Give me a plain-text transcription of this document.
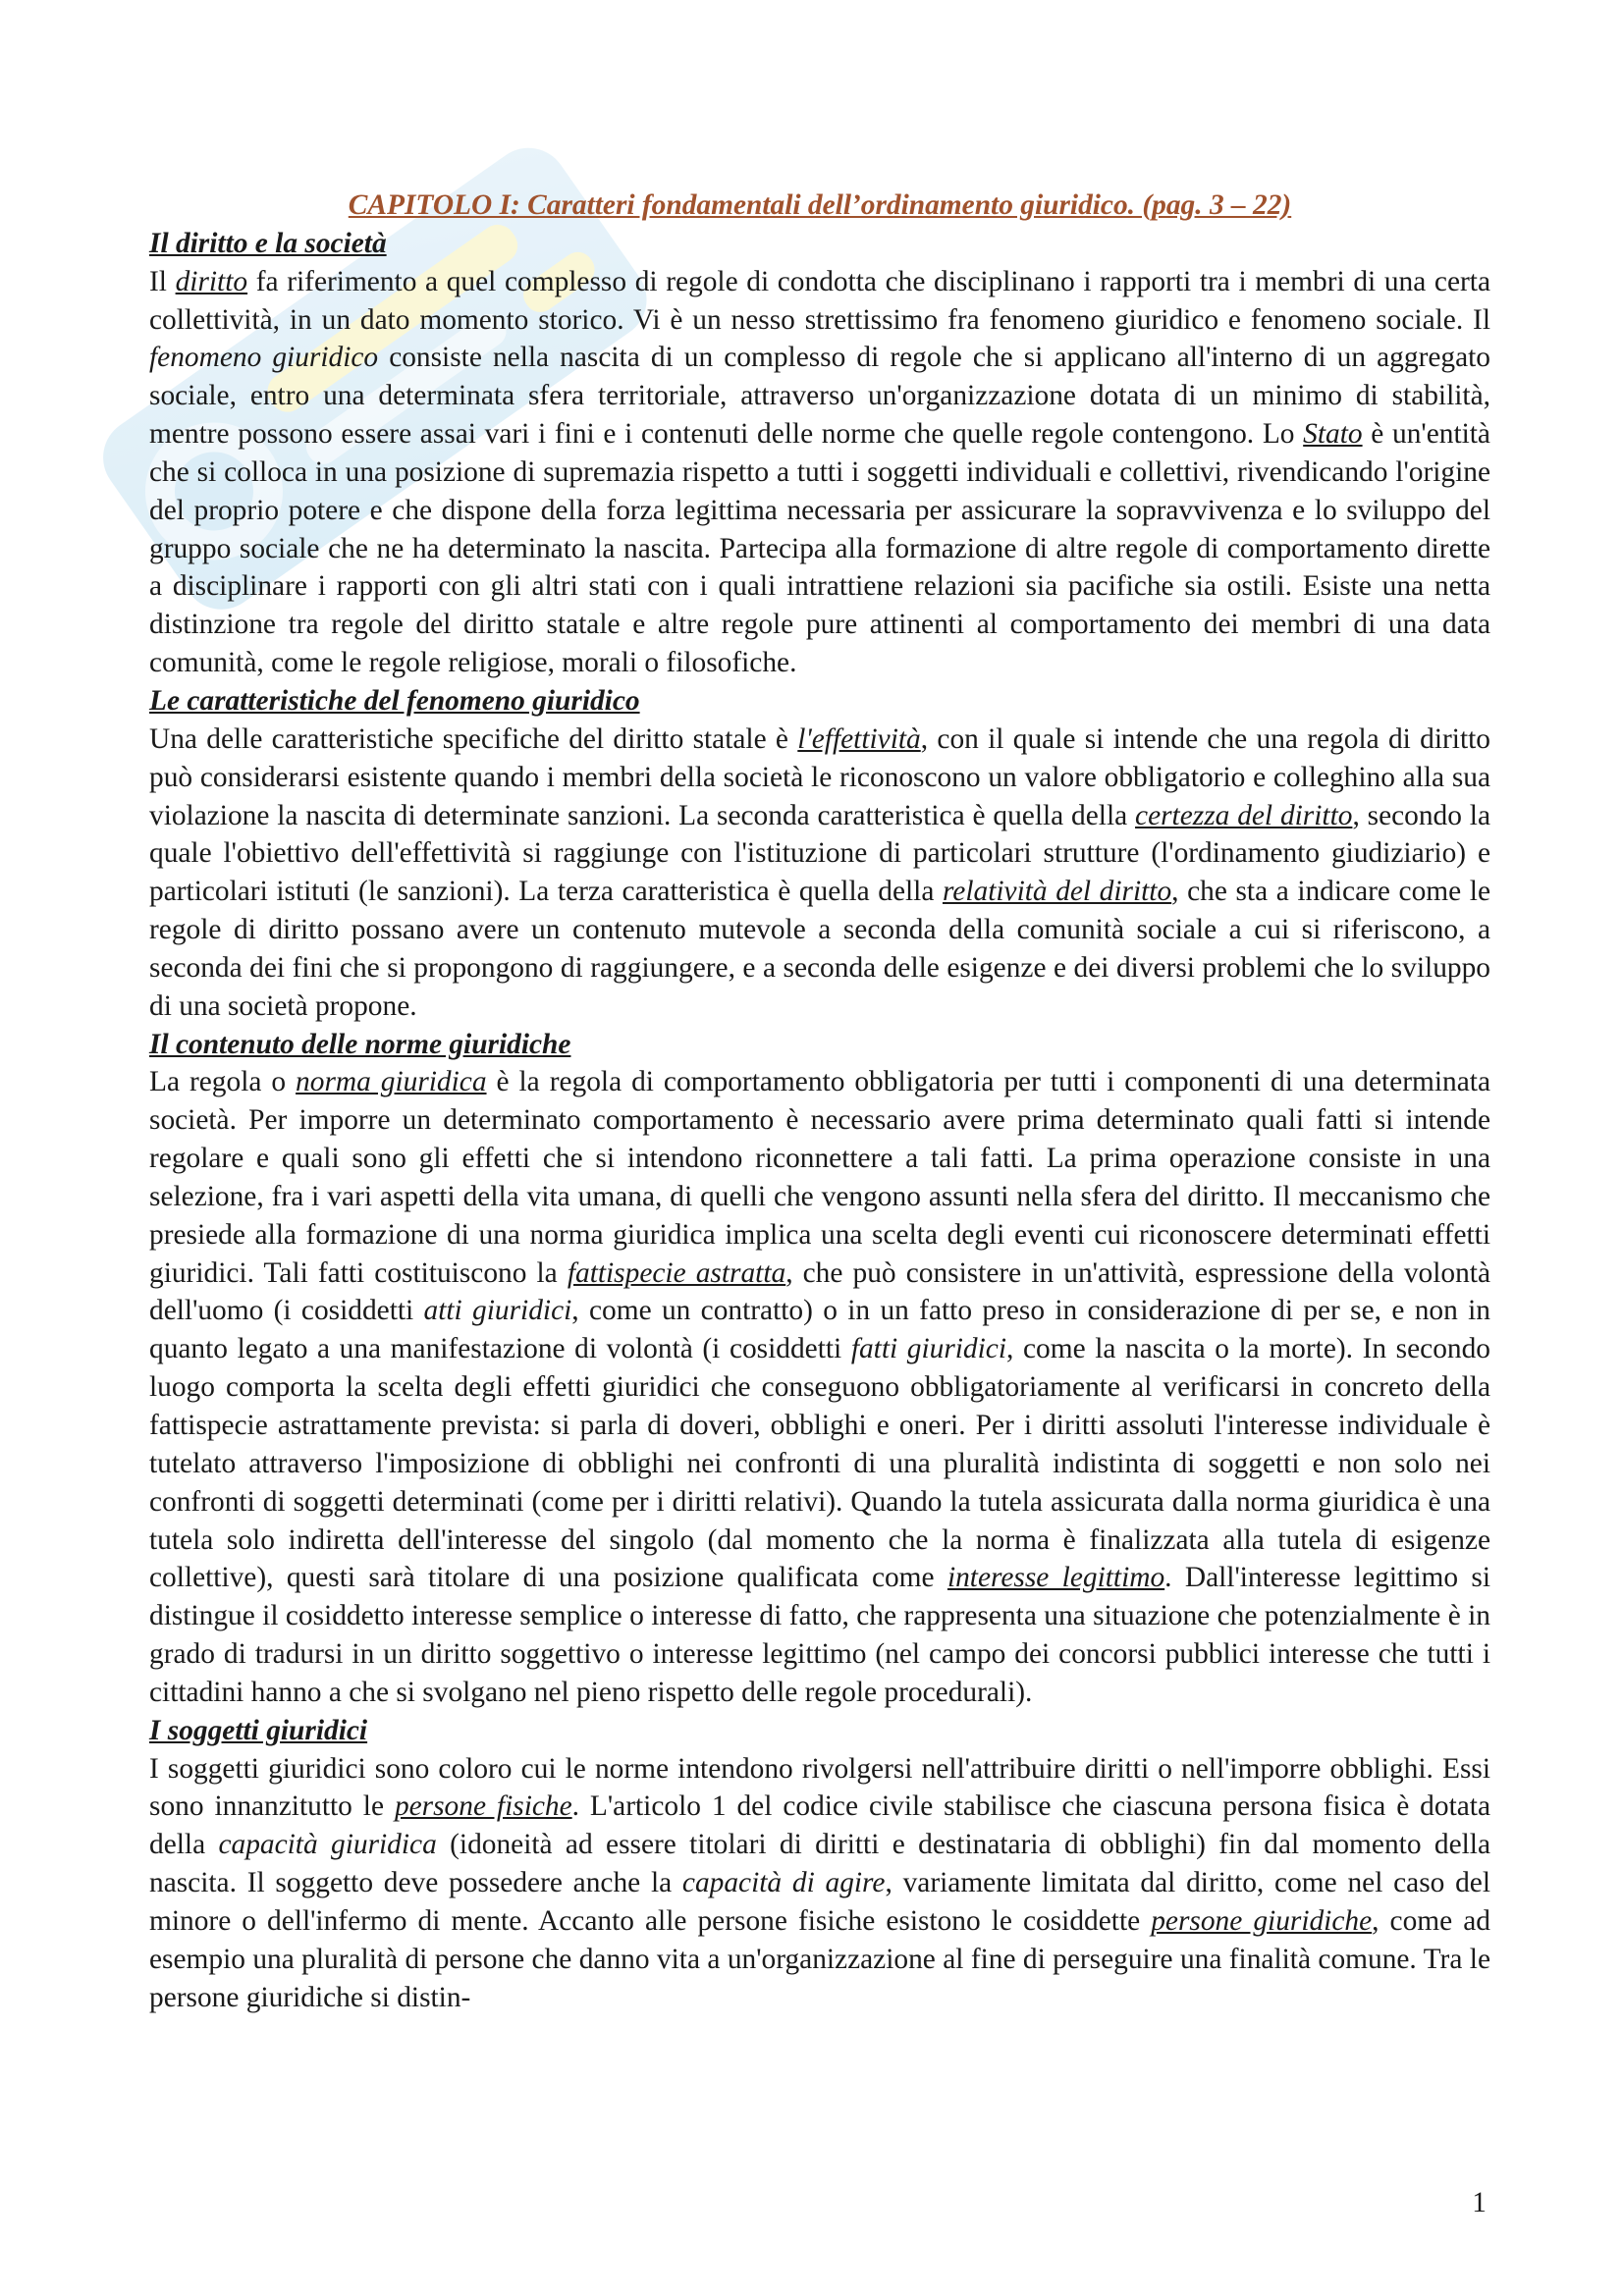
CAPITOLO I: Caratteri fondamentali dell’ordinamento giuridico. (pag. 3 – 22)

Il diritto e la società

Il diritto fa riferimento a quel complesso di regole di condotta che disciplinano i rapporti tra i membri di una certa collettività, in un dato momento storico. Vi è un nesso strettissimo fra fenomeno giuridico e fenomeno sociale. Il fenomeno giuridico consiste nella nascita di un complesso di regole che si applicano all'interno di un aggregato sociale, entro una determinata sfera territoriale, attraverso un'organizzazione dotata di un minimo di stabilità, mentre possono essere assai vari i fini e i contenuti delle norme che quelle regole contengono. Lo Stato è un'entità che si colloca in una posizione di supremazia rispetto a tutti i soggetti individuali e collettivi, rivendicando l'origine del proprio potere e che dispone della forza legittima necessaria per assicurare la sopravvivenza e lo sviluppo del gruppo sociale che ne ha determinato la nascita. Partecipa alla formazione di altre regole di comportamento dirette a disciplinare i rapporti con gli altri stati con i quali intrattiene relazioni sia pacifiche sia ostili. Esiste una netta distinzione tra regole del diritto statale e altre regole pure attinenti al comportamento dei membri di una data comunità, come le regole religiose, morali o filosofiche.

Le caratteristiche del fenomeno giuridico

Una delle caratteristiche specifiche del diritto statale è l'effettività, con il quale si intende che una regola di diritto può considerarsi esistente quando i membri della società le riconoscono un valore obbligatorio e colleghino alla sua violazione la nascita di determinate sanzioni. La seconda caratteristica è quella della certezza del diritto, secondo la quale l'obiettivo dell'effettività si raggiunge con l'istituzione di particolari strutture (l'ordinamento giudiziario) e particolari istituti (le sanzioni). La terza caratteristica è quella della relatività del diritto, che sta a indicare come le regole di diritto possano avere un contenuto mutevole a seconda della comunità sociale a cui si riferiscono, a seconda dei fini che si propongono di raggiungere, e a seconda delle esigenze e dei diversi problemi che lo sviluppo di una società propone.

Il contenuto delle norme giuridiche

La regola o norma giuridica è la regola di comportamento obbligatoria per tutti i componenti di una determinata società. Per imporre un determinato comportamento è necessario avere prima determinato quali fatti si intende regolare e quali sono gli effetti che si intendono riconnettere a tali fatti. La prima operazione consiste in una selezione, fra i vari aspetti della vita umana, di quelli che vengono assunti nella sfera del diritto. Il meccanismo che presiede alla formazione di una norma giuridica implica una scelta degli eventi cui riconoscere determinati effetti giuridici. Tali fatti costituiscono la fattispecie astratta, che può consistere in un'attività, espressione della volontà dell'uomo (i cosiddetti atti giuridici, come un contratto) o in un fatto preso in considerazione di per se, e non in quanto legato a una manifestazione di volontà (i cosiddetti fatti giuridici, come la nascita o la morte). In secondo luogo comporta la scelta degli effetti giuridici che conseguono obbligatoriamente al verificarsi in concreto della fattispecie astrattamente prevista: si parla di doveri, obblighi e oneri. Per i diritti assoluti l'interesse individuale è tutelato attraverso l'imposizione di obblighi nei confronti di una pluralità indistinta di soggetti e non solo nei confronti di soggetti determinati (come per i diritti relativi). Quando la tutela assicurata dalla norma giuridica è una tutela solo indiretta dell'interesse del singolo (dal momento che la norma è finalizzata alla tutela di esigenze collettive), questi sarà titolare di una posizione qualificata come interesse legittimo. Dall'interesse legittimo si distingue il cosiddetto interesse semplice o interesse di fatto, che rappresenta una situazione che potenzialmente è in grado di tradursi in un diritto soggettivo o interesse legittimo (nel campo dei concorsi pubblici interesse che tutti i cittadini hanno a che si svolgano nel pieno rispetto delle regole procedurali).

I soggetti giuridici

I soggetti giuridici sono coloro cui le norme intendono rivolgersi nell'attribuire diritti o nell'imporre obblighi. Essi sono innanzitutto le persone fisiche. L'articolo 1 del codice civile stabilisce che ciascuna persona fisica è dotata della capacità giuridica (idoneità ad essere titolari di diritti e destinataria di obblighi) fin dal momento della nascita. Il soggetto deve possedere anche la capacità di agire, variamente limitata dal diritto, come nel caso del minore o dell'infermo di mente. Accanto alle persone fisiche esistono le cosiddette persone giuridiche, come ad esempio una pluralità di persone che danno vita a un'organizzazione al fine di perseguire una finalità comune. Tra le persone giuridiche si distin-

1
